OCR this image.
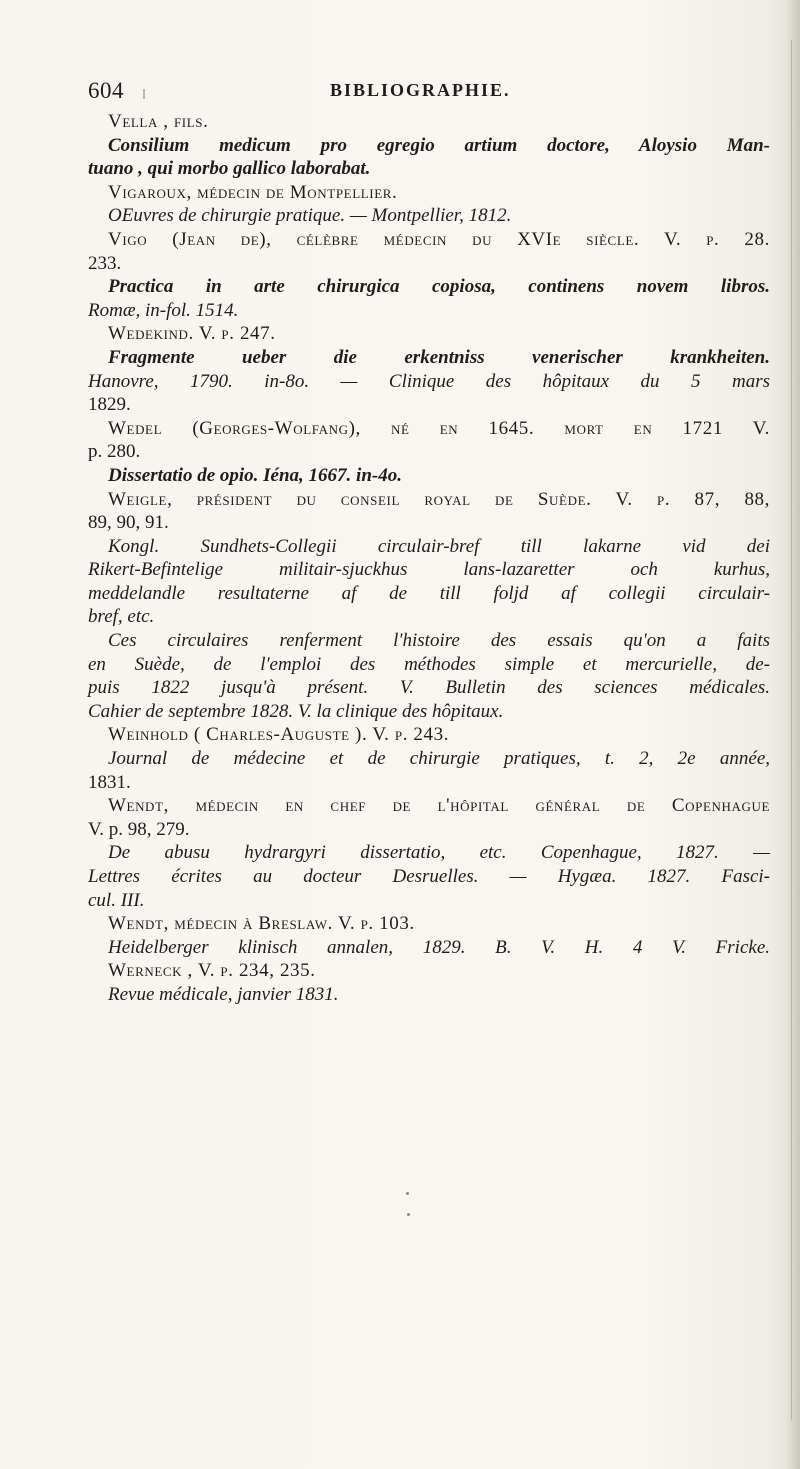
604	BIBLIOGRAPHIE.
Vella , fils.
Consilium medicum pro egregio artium doctore, Aloysio Man-
tuano , qui morbo gallico laborabat.
Vigaroux, médecin de Montpellier.
OEuvres de chirurgie pratique. — Montpellier, 1812.
Vigo (Jean de), célèbre médecin du XVIe siècle. V. p. 28.
233.
Practica in arte chirurgica copiosa, continens novem libros.
Romæ, in-fol. 1514.
Wedekind. V. p. 247.
Fragmente ueber die erkentniss venerischer krankheiten.
Hanovre, 1790. in-8o. — Clinique des hôpitaux du 5 mars
1829.
Wedel (Georges-Wolfang), né en 1645. mort en 1721 V.
p. 280.
Dissertatio de opio. Iéna, 1667. in-4o.
Weigle, président du conseil royal de Suède. V. p. 87, 88,
89, 90, 91.
Kongl. Sundhets-Collegii circulair-bref till lakarne vid dei
Rikert-Befintelige militair-sjuckhus lans-lazaretter och kurhus,
meddelandle resultaterne af de till foljd af collegii circulair-
bref, etc.
Ces circulaires renferment l'histoire des essais qu'on a faits
en Suède, de l'emploi des méthodes simple et mercurielle, de-
puis 1822 jusqu'à présent. V. Bulletin des sciences médicales.
Cahier de septembre 1828. V. la clinique des hôpitaux.
Weinhold ( Charles-Auguste ). V. p. 243.
Journal de médecine et de chirurgie pratiques, t. 2, 2e année,
1831.
Wendt, médecin en chef de l'hôpital général de Copenhague
V. p. 98, 279.
De abusu hydrargyri dissertatio, etc. Copenhague, 1827. —
Lettres écrites au docteur Desruelles. — Hygæa. 1827. Fasci-
cul. III.
Wendt, médecin à Breslaw. V. p. 103.
Heidelberger klinisch annalen, 1829. B. V. H. 4 V. Fricke.
Werneck , V. p. 234, 235.
Revue médicale, janvier 1831.
